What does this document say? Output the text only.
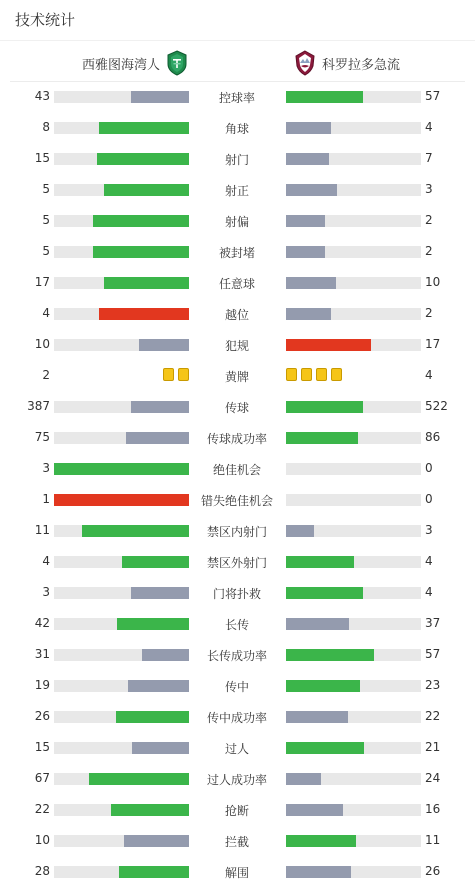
技术统计
西雅图海湾人	科罗拉多急流
43	控球率	57
8	角球	4
15	射门	7
5	射正	3
5	射偏	2
5	被封堵	2
17	任意球	10
4	越位	2
10	犯规	17
2	黄牌	4
387	传球	522
75	传球成功率	86
3	绝佳机会	0
1	错失绝佳机会	0
11	禁区内射门	3
4	禁区外射门	4
3	门将扑救	4
42	长传	37
31	长传成功率	57
19	传中	23
26	传中成功率	22
15	过人	21
67	过人成功率	24
22	抢断	16
10	拦截	11
28	解围	26
